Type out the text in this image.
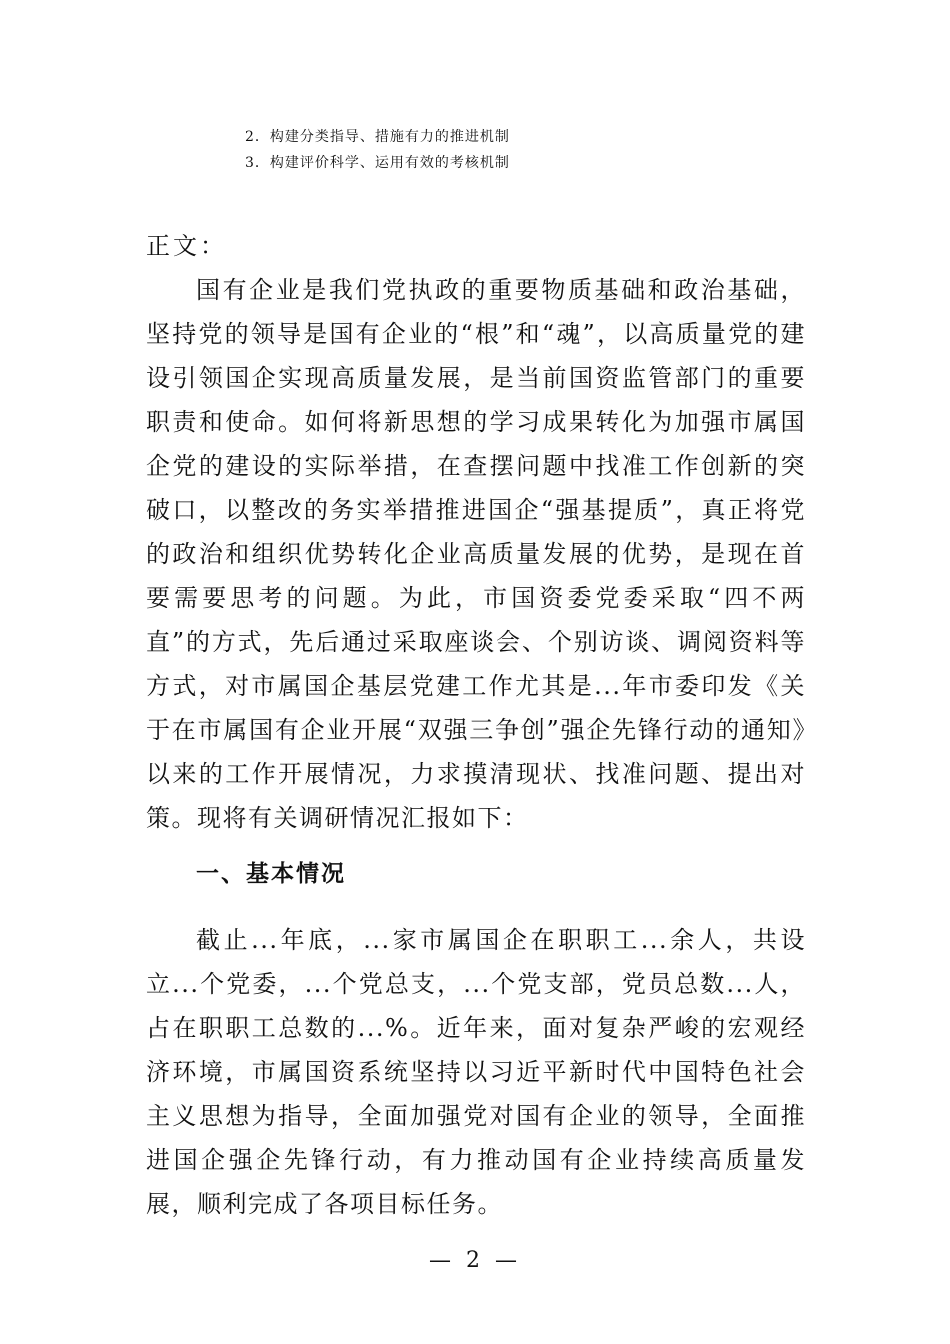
2．构建分类指导、措施有力的推进机制
3．构建评价科学、运用有效的考核机制
正文：

国有企业是我们党执政的重要物质基础和政治基础，坚持党的领导是国有企业的“根”和“魂”，以高质量党的建设引领国企实现高质量发展，是当前国资监管部门的重要职责和使命。如何将新思想的学习成果转化为加强市属国企党的建设的实际举措，在查摆问题中找准工作创新的突破口，以整改的务实举措推进国企“强基提质”，真正将党的政治和组织优势转化企业高质量发展的优势，是现在首要需要思考的问题。为此，市国资委党委采取“四不两直”的方式，先后通过采取座谈会、个别访谈、调阅资料等方式，对市属国企基层党建工作尤其是...年市委印发《关于在市属国有企业开展“双强三争创”强企先锋行动的通知》以来的工作开展情况，力求摸清现状、找准问题、提出对策。现将有关调研情况汇报如下：

一、基本情况

截止...年底，...家市属国企在职职工...余人，共设立...个党委，...个党总支，...个党支部，党员总数...人，占在职职工总数的...%。近年来，面对复杂严峻的宏观经济环境，市属国资系统坚持以习近平新时代中国特色社会主义思想为指导，全面加强党对国有企业的领导，全面推进国企强企先锋行动，有力推动国有企业持续高质量发展，顺利完成了各项目标任务。

— 2 —
